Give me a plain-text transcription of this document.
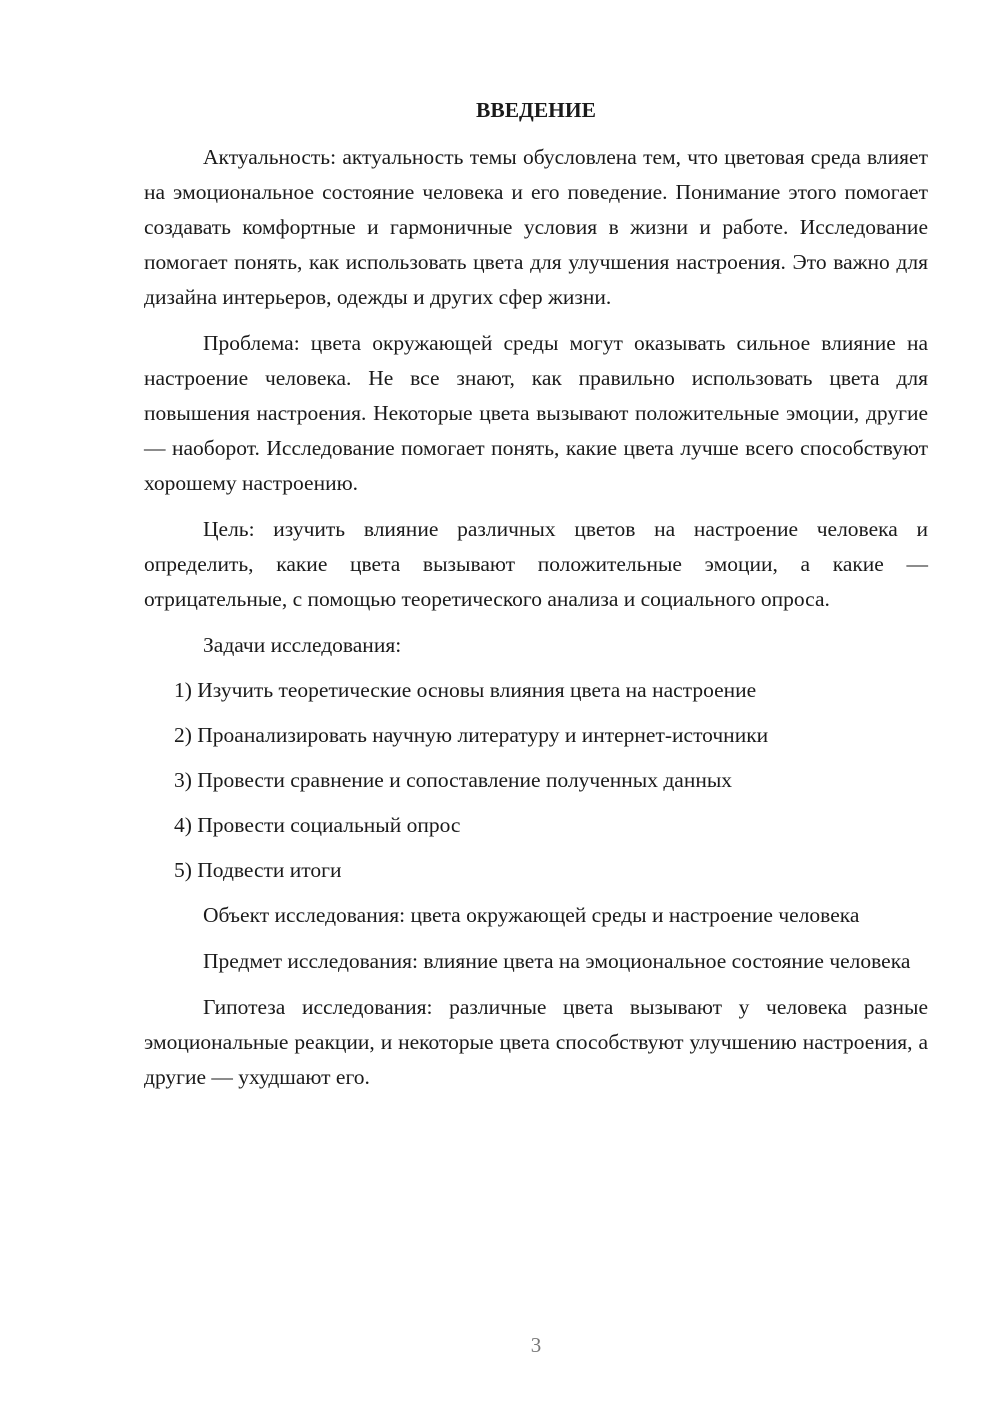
ВВЕДЕНИЕ

Актуальность: актуальность темы обусловлена тем, что цветовая среда влияет на эмоциональное состояние человека и его поведение. Понимание этого помогает создавать комфортные и гармоничные условия в жизни и работе. Исследование помогает понять, как использовать цвета для улучшения настроения. Это важно для дизайна интерьеров, одежды и других сфер жизни.

Проблема: цвета окружающей среды могут оказывать сильное влияние на настроение человека. Не все знают, как правильно использовать цвета для повышения настроения. Некоторые цвета вызывают положительные эмоции, другие — наоборот. Исследование помогает понять, какие цвета лучше всего способствуют хорошему настроению.

Цель: изучить влияние различных цветов на настроение человека и определить, какие цвета вызывают положительные эмоции, а какие — отрицательные, с помощью теоретического анализа и социального опроса.

Задачи исследования:

1) Изучить теоретические основы влияния цвета на настроение
2) Проанализировать научную литературу и интернет-источники
3) Провести сравнение и сопоставление полученных данных
4) Провести социальный опрос
5) Подвести итоги

Объект исследования: цвета окружающей среды и настроение человека

Предмет исследования: влияние цвета на эмоциональное состояние человека

Гипотеза исследования: различные цвета вызывают у человека разные эмоциональные реакции, и некоторые цвета способствуют улучшению настроения, а другие — ухудшают его.

3
